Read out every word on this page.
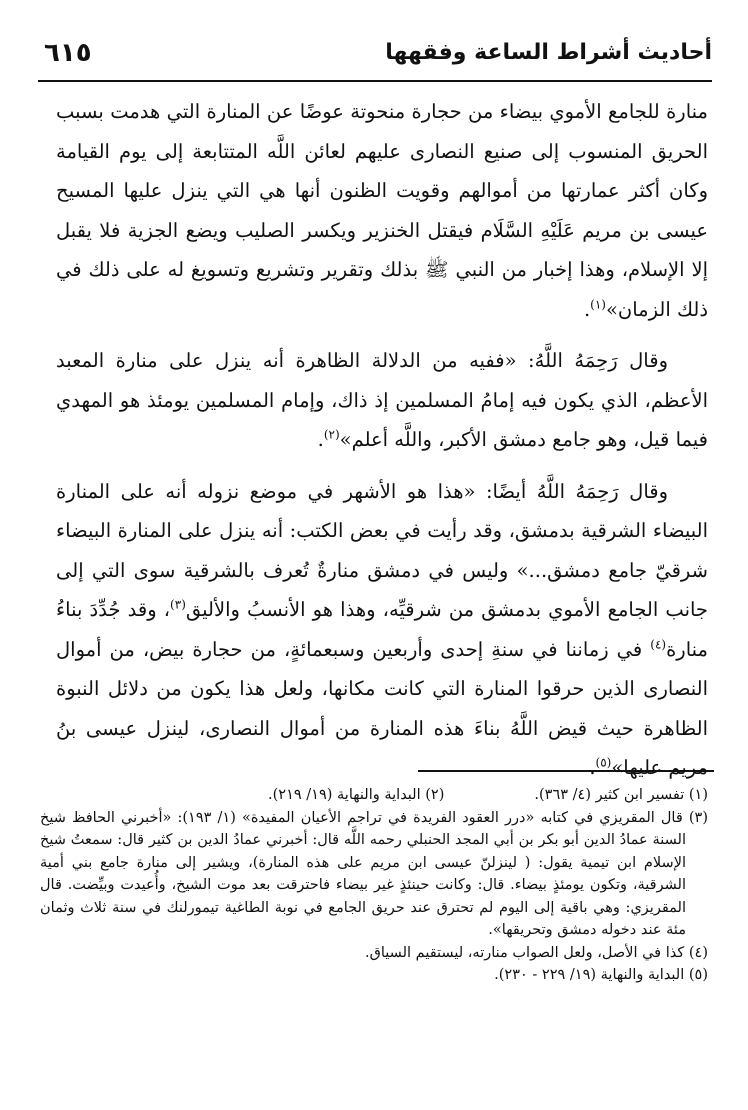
أحاديث أشراط الساعة وفقهها
٦١٥

منارة للجامع الأموي بيضاء من حجارة منحوتة عوضًا عن المنارة التي هدمت بسبب الحريق المنسوب إلى صنيع النصارى عليهم لعائن اللَّه المتتابعة إلى يوم القيامة وكان أكثر عمارتها من أموالهم وقويت الظنون أنها هي التي ينزل عليها المسيح عيسى بن مريم عَلَيْهِ السَّلَام فيقتل الخنزير ويكسر الصليب ويضع الجزية فلا يقبل إلا الإسلام، وهذا إخبار من النبي ﷺ بذلك وتقرير وتشريع وتسويغ له على ذلك في ذلك الزمان»$^{(١)}$.

وقال رَحِمَهُ اللَّهُ: «ففيه من الدلالة الظاهرة أنه ينزل على منارة المعبد الأعظم، الذي يكون فيه إمامُ المسلمين إذ ذاك، وإمام المسلمين يومئذ هو المهدي فيما قيل، وهو جامع دمشق الأكبر، واللَّه أعلم»$^{(٢)}$.

وقال رَحِمَهُ اللَّهُ أيضًا: «هذا هو الأشهر في موضع نزوله أنه على المنارة البيضاء الشرقية بدمشق، وقد رأيت في بعض الكتب: أنه ينزل على المنارة البيضاء شرقيّ جامع دمشق...» وليس في دمشق منارةٌ تُعرف بالشرقية سوى التي إلى جانب الجامع الأموي بدمشق من شرقيِّه، وهذا هو الأنسبُ والأليق$^{(٣)}$، وقد جُدِّدَ بناءُ منارة$^{(٤)}$ في زماننا في سنةِ إحدى وأربعين وسبعمائةٍ، من حجارة بيض، من أموال النصارى الذين حرقوا المنارة التي كانت مكانها، ولعل هذا يكون من دلائل النبوة الظاهرة حيث قيض اللَّهُ بناءَ هذه المنارة من أموال النصارى، لينزل عيسى بنُ مريم عليها»$^{(٥)}$.

(١) تفسير ابن كثير (٤/ ٣٦٣).

(٢) البداية والنهاية (١٩/ ٢١٩).

(٣) قال المقريزي في كتابه «درر العقود الفريدة في تراجم الأعيان المفيدة» (١/ ١٩٣): «أخبرني الحافظ شيخ السنة عمادُ الدين أبو بكر بن أبي المجد الحنبلي رحمه اللَّه قال: أخبرني عمادُ الدين بن كثير قال: سمعتُ شيخ الإسلام ابن تيمية يقول: ( لينزلنّ عيسى ابن مريم على هذه المنارة)، ويشير إلى منارة جامع بني أمية الشرقية، وتكون يومئذٍ بيضاء. قال: وكانت حينئذٍ غير بيضاء فاحترقت بعد موت الشيخ، وأُعيدت وبيِّضت. قال المقريزي: وهي باقية إلى اليوم لم تحترق عند حريق الجامع في نوبة الطاغية تيمورلنك في سنة ثلاث وثمان مئة عند دخوله دمشق وتحريقها».

(٤) كذا في الأصل، ولعل الصواب منارته، ليستقيم السياق.

(٥) البداية والنهاية (١٩/ ٢٢٩ - ٢٣٠).
